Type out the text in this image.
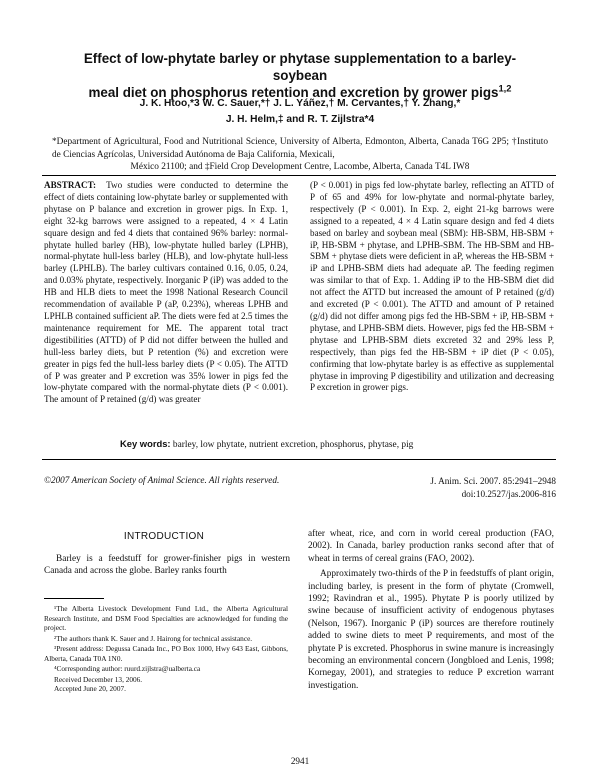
Effect of low-phytate barley or phytase supplementation to a barley-soybean
meal diet on phosphorus retention and excretion by grower pigs$^{1,2}$
J. K. Htoo,*3 W. C. Sauer,*† J. L. Yáñez,† M. Cervantes,† Y. Zhang,*
J. H. Helm,‡ and R. T. Zijlstra*4
*Department of Agricultural, Food and Nutritional Science, University of Alberta, Edmonton, Alberta, Canada T6G 2P5; †Instituto de Ciencias Agrícolas, Universidad Autónoma de Baja California, Mexicali,
México 21100; and ‡Field Crop Development Centre, Lacombe, Alberta, Canada T4L IW8
ABSTRACT: Two studies were conducted to determine the effect of diets containing low-phytate barley or supplemented with phytase on P balance and excretion in grower pigs. In Exp. 1, eight 32-kg barrows were assigned to a repeated, 4 × 4 Latin square design and fed 4 diets that contained 96% barley: normal-phytate hulled barley (HB), low-phytate hulled barley (LPHB), normal-phytate hull-less barley (HLB), and low-phytate hull-less barley (LPHLB). The barley cultivars contained 0.16, 0.05, 0.24, and 0.03% phytate, respectively. Inorganic P (iP) was added to the HB and HLB diets to meet the 1998 National Research Council recommendation of available P (aP, 0.23%), whereas LPHB and LPHLB contained sufficient aP. The diets were fed at 2.5 times the maintenance requirement for ME. The apparent total tract digestibilities (ATTD) of P did not differ between the hulled and hull-less barley diets, but P retention (%) and excretion were greater in pigs fed the hull-less barley diets (P < 0.05). The ATTD of P was greater and P excretion was 35% lower in pigs fed the low-phytate compared with the normal-phytate diets (P < 0.001). The amount of P retained (g/d) was greater
(P < 0.001) in pigs fed low-phytate barley, reflecting an ATTD of P of 65 and 49% for low-phytate and normal-phytate barley, respectively (P < 0.001). In Exp. 2, eight 21-kg barrows were assigned to a repeated, 4 × 4 Latin square design and fed 4 diets based on barley and soybean meal (SBM): HB-SBM, HB-SBM + iP, HB-SBM + phytase, and LPHB-SBM. The HB-SBM and HB-SBM + phytase diets were deficient in aP, whereas the HB-SBM + iP and LPHB-SBM diets had adequate aP. The feeding regimen was similar to that of Exp. 1. Adding iP to the HB-SBM diet did not affect the ATTD but increased the amount of P retained (g/d) and excreted (P < 0.001). The ATTD and amount of P retained (g/d) did not differ among pigs fed the HB-SBM + iP, HB-SBM + phytase, and LPHB-SBM diets. However, pigs fed the HB-SBM + phytase and LPHB-SBM diets excreted 32 and 29% less P, respectively, than pigs fed the HB-SBM + iP diet (P < 0.05), confirming that low-phytate barley is as effective as supplemental phytase in improving P digestibility and utilization and decreasing P excretion in grower pigs.
Key words: barley, low phytate, nutrient excretion, phosphorus, phytase, pig
©2007 American Society of Animal Science. All rights reserved.	J. Anim. Sci. 2007. 85:2941–2948
doi:10.2527/jas.2006-816
INTRODUCTION

Barley is a feedstuff for grower-finisher pigs in western Canada and across the globe. Barley ranks fourth

after wheat, rice, and corn in world cereal production (FAO, 2002). In Canada, barley production ranks second after that of wheat in terms of cereal grains (FAO, 2002).

Approximately two-thirds of the P in feedstuffs of plant origin, including barley, is present in the form of phytate (Cromwell, 1992; Ravindran et al., 1995). Phytate P is poorly utilized by swine because of insufficient activity of endogenous phytases (Nelson, 1967). Inorganic P (iP) sources are therefore routinely added to swine diets to meet P requirements, and most of the phytate P is excreted. Phosphorus in swine manure is increasingly becoming an environmental concern (Jongbloed and Lenis, 1998; Kornegay, 2001), and strategies to reduce P excretion warrant investigation.

¹The Alberta Livestock Development Fund Ltd., the Alberta Agricultural Research Institute, and DSM Food Specialties are acknowledged for funding the project.

²The authors thank K. Sauer and J. Hairong for technical assistance.

³Present address: Degussa Canada Inc., PO Box 1000, Hwy 643 East, Gibbons, Alberta, Canada T0A 1N0.

⁴Corresponding author: ruurd.zijlstra@ualberta.ca

Received December 13, 2006.

Accepted June 20, 2007.

2941
